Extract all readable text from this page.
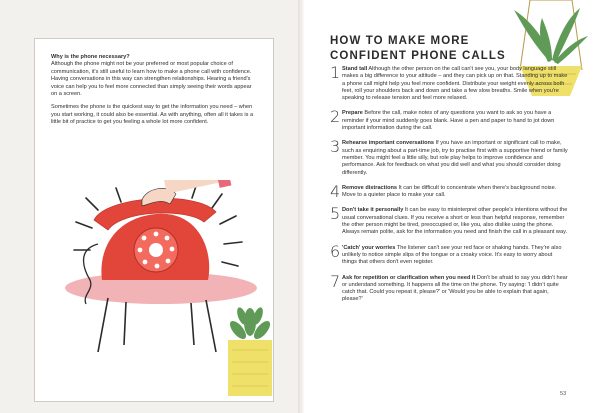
Why is the phone necessary?
Although the phone might not be your preferred or most popular choice of communication, it's still useful to learn how to make a phone call with confidence. Having conversations in this way can strengthen relationships. Hearing a friend's voice can help you to feel more connected than simply seeing their words appear on a screen.

Sometimes the phone is the quickest way to get the information you need – when you start working, it could also be essential. As with anything, often all it takes is a little bit of practice to get you feeling a whole lot more confident.

HOW TO MAKE MORE CONFIDENT PHONE CALLS
1 Stand tall Although the other person on the call can't see you, your body language still makes a big difference to your attitude – and they can pick up on that. Standing up to make a phone call might help you feel more confident. Distribute your weight evenly across both feet, roll your shoulders back and down and take a few slow breaths. Smile when you're speaking to release tension and feel more relaxed.
2 Prepare Before the call, make notes of any questions you want to ask so you have a reminder if your mind suddenly goes blank. Have a pen and paper to hand to jot down important information during the call.
3 Rehearse important conversations If you have an important or significant call to make, such as enquiring about a part-time job, try to practise first with a supportive friend or family member. You might feel a little silly, but role play helps to improve confidence and performance. Ask for feedback on what you did well and what you should consider doing differently.
4 Remove distractions It can be difficult to concentrate when there's background noise. Move to a quieter place to make your call.
5 Don't take it personally It can be easy to misinterpret other people's intentions without the usual conversational clues. If you receive a short or less than helpful response, remember the other person might be tired, preoccupied or, like you, also dislike using the phone. Always remain polite, ask for the information you need and finish the call in a pleasant way.
6 'Catch' your worries The listener can't see your red face or shaking hands. They're also unlikely to notice simple slips of the tongue or a croaky voice. It's easy to worry about things that others don't even register.
7 Ask for repetition or clarification when you need it Don't be afraid to say you didn't hear or understand something. It happens all the time on the phone. Try saying: 'I didn't quite catch that. Could you repeat it, please?' or 'Would you be able to explain that again, please?'
53
